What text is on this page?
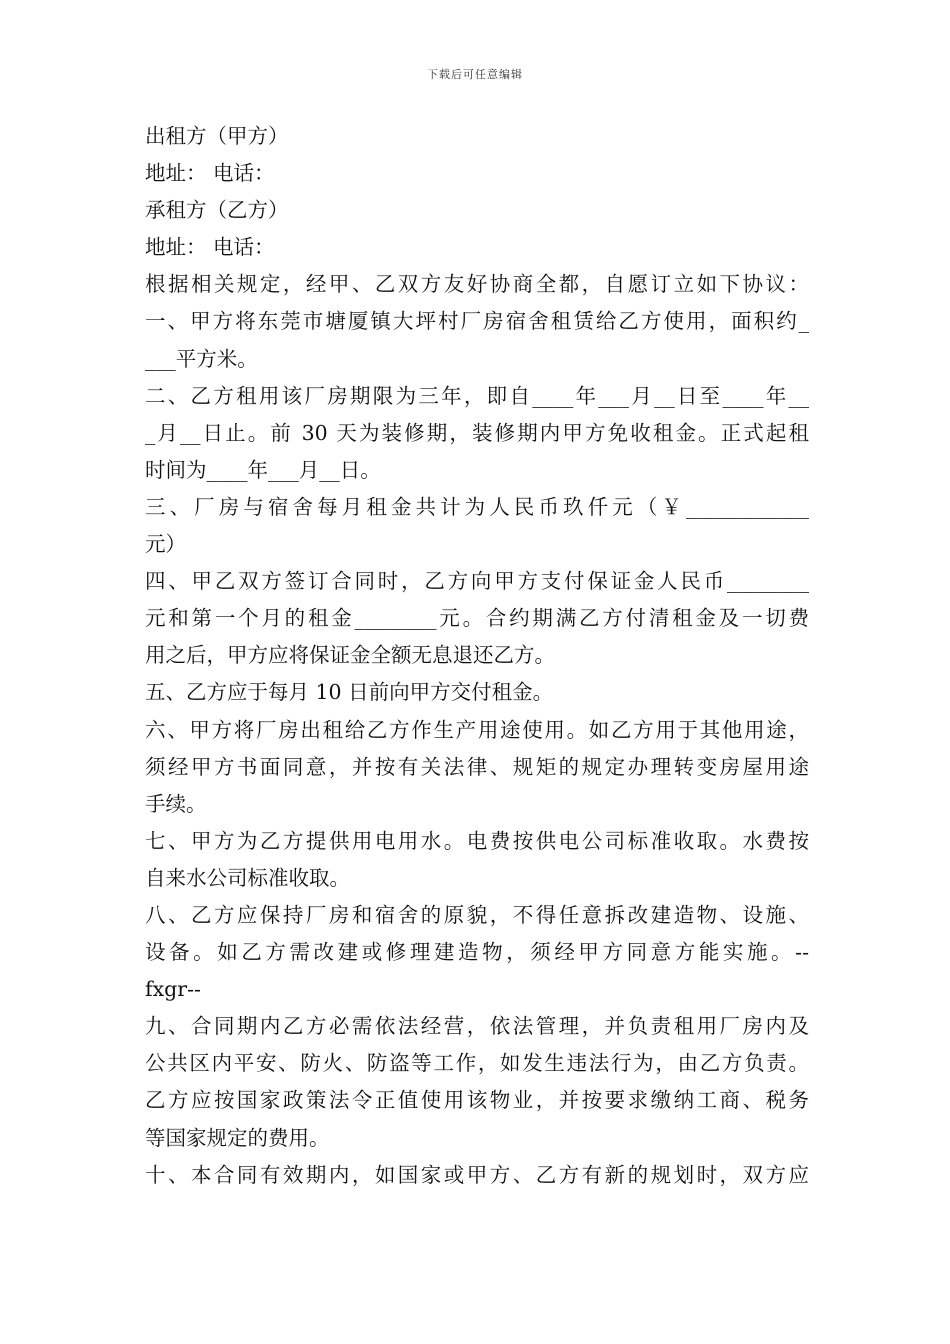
下载后可任意编辑
出租方（甲方）
地址： 电话：
承租方（乙方）
地址： 电话：
根据相关规定，经甲、乙双方友好协商全都，自愿订立如下协议：
一、甲方将东莞市塘厦镇大坪村厂房宿舍租赁给乙方使用，面积约_
___平方米。
二、乙方租用该厂房期限为三年，即自____年___月__日至____年__
_月__日止。前 30 天为装修期，装修期内甲方免收租金。正式起租
时间为____年___月__日。
三、厂房与宿舍每月租金共计为人民币玖仟元（￥____________
元）
四、甲乙双方签订合同时，乙方向甲方支付保证金人民币________
元和第一个月的租金________元。合约期满乙方付清租金及一切费
用之后，甲方应将保证金全额无息退还乙方。
五、乙方应于每月 10 日前向甲方交付租金。
六、甲方将厂房出租给乙方作生产用途使用。如乙方用于其他用途，
须经甲方书面同意，并按有关法律、规矩的规定办理转变房屋用途
手续。
七、甲方为乙方提供用电用水。电费按供电公司标准收取。水费按
自来水公司标准收取。
八、乙方应保持厂房和宿舍的原貌，不得任意拆改建造物、设施、
设备。如乙方需改建或修理建造物，须经甲方同意方能实施。--
fxgr--
九、合同期内乙方必需依法经营，依法管理，并负责租用厂房内及
公共区内平安、防火、防盗等工作，如发生违法行为，由乙方负责。
乙方应按国家政策法令正值使用该物业，并按要求缴纳工商、税务
等国家规定的费用。
十、本合同有效期内，如国家或甲方、乙方有新的规划时，双方应
